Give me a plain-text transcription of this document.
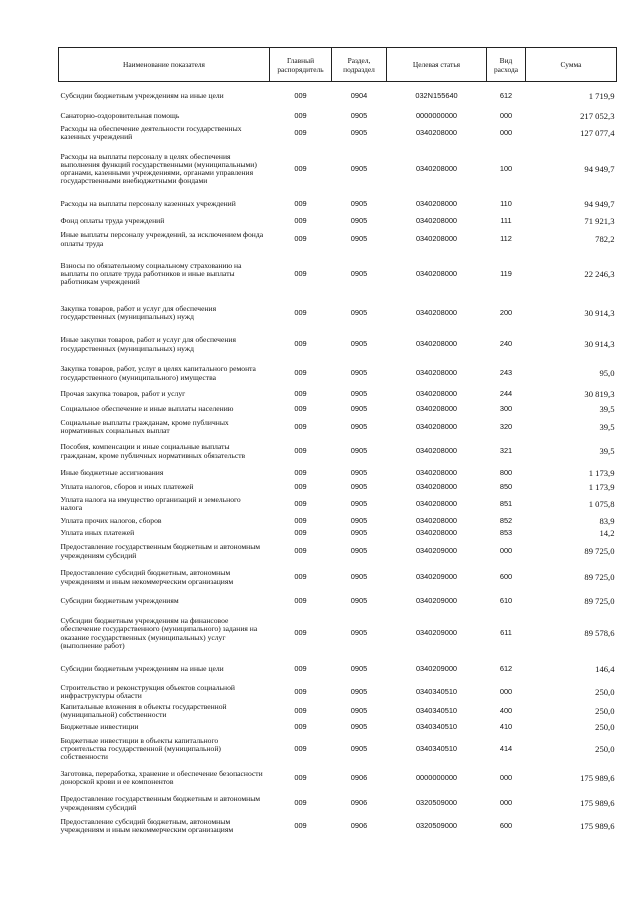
Наименование показателя	Главный распорядитель	Раздел, подраздел	Целевая статья	Вид расхода	Сумма
Субсидии бюджетным учреждениям на иные цели	009	0904	032N155640	612	1 719,9
Санаторно-оздоровительная помощь	009	0905	0000000000	000	217 052,3
Расходы на обеспечение деятельности государственных казенных учреждений	009	0905	0340208000	000	127 077,4
Расходы на выплаты персоналу в целях обеспечения выполнения функций государственными (муниципальными) органами, казенными учреждениями, органами управления государственными внебюджетными фондами	009	0905	0340208000	100	94 949,7
Расходы на выплаты персоналу казенных учреждений	009	0905	0340208000	110	94 949,7
Фонд оплаты труда учреждений	009	0905	0340208000	111	71 921,3
Иные выплаты персоналу учреждений, за исключением фонда оплаты труда	009	0905	0340208000	112	782,2
Взносы по обязательному социальному страхованию на выплаты по оплате труда работников и иные выплаты работникам учреждений	009	0905	0340208000	119	22 246,3
Закупка товаров, работ и услуг для обеспечения государственных (муниципальных) нужд	009	0905	0340208000	200	30 914,3
Иные закупки товаров, работ и услуг для обеспечения государственных (муниципальных) нужд	009	0905	0340208000	240	30 914,3
Закупка товаров, работ, услуг в целях капитального ремонта государственного (муниципального) имущества	009	0905	0340208000	243	95,0
Прочая закупка товаров, работ и услуг	009	0905	0340208000	244	30 819,3
Социальное обеспечение и иные выплаты населению	009	0905	0340208000	300	39,5
Социальные выплаты гражданам, кроме публичных нормативных социальных выплат	009	0905	0340208000	320	39,5
Пособия, компенсации и иные социальные выплаты гражданам, кроме публичных нормативных обязательств	009	0905	0340208000	321	39,5
Иные бюджетные ассигнования	009	0905	0340208000	800	1 173,9
Уплата налогов, сборов и иных платежей	009	0905	0340208000	850	1 173,9
Уплата налога на имущество организаций и земельного налога	009	0905	0340208000	851	1 075,8
Уплата прочих налогов, сборов	009	0905	0340208000	852	83,9
Уплата иных платежей	009	0905	0340208000	853	14,2
Предоставление государственным бюджетным и автономным учреждениям субсидий	009	0905	0340209000	000	89 725,0
Предоставление субсидий бюджетным, автономным учреждениям и иным некоммерческим организациям	009	0905	0340209000	600	89 725,0
Субсидии бюджетным учреждениям	009	0905	0340209000	610	89 725,0
Субсидии бюджетным учреждениям на финансовое обеспечение государственного (муниципального) задания на оказание государственных (муниципальных) услуг (выполнение работ)	009	0905	0340209000	611	89 578,6
Субсидии бюджетным учреждениям на иные цели	009	0905	0340209000	612	146,4
Строительство и реконструкция объектов социальной инфраструктуры области	009	0905	0340340510	000	250,0
Капитальные вложения в объекты государственной (муниципальной) собственности	009	0905	0340340510	400	250,0
Бюджетные инвестиции	009	0905	0340340510	410	250,0
Бюджетные инвестиции в объекты капитального строительства государственной (муниципальной) собственности	009	0905	0340340510	414	250,0
Заготовка, переработка, хранение и обеспечение безопасности донорской крови и ее компонентов	009	0906	0000000000	000	175 989,6
Предоставление государственным бюджетным и автономным учреждениям субсидий	009	0906	0320509000	000	175 989,6
Предоставление субсидий бюджетным, автономным учреждениям и иным некоммерческим организациям	009	0906	0320509000	600	175 989,6
